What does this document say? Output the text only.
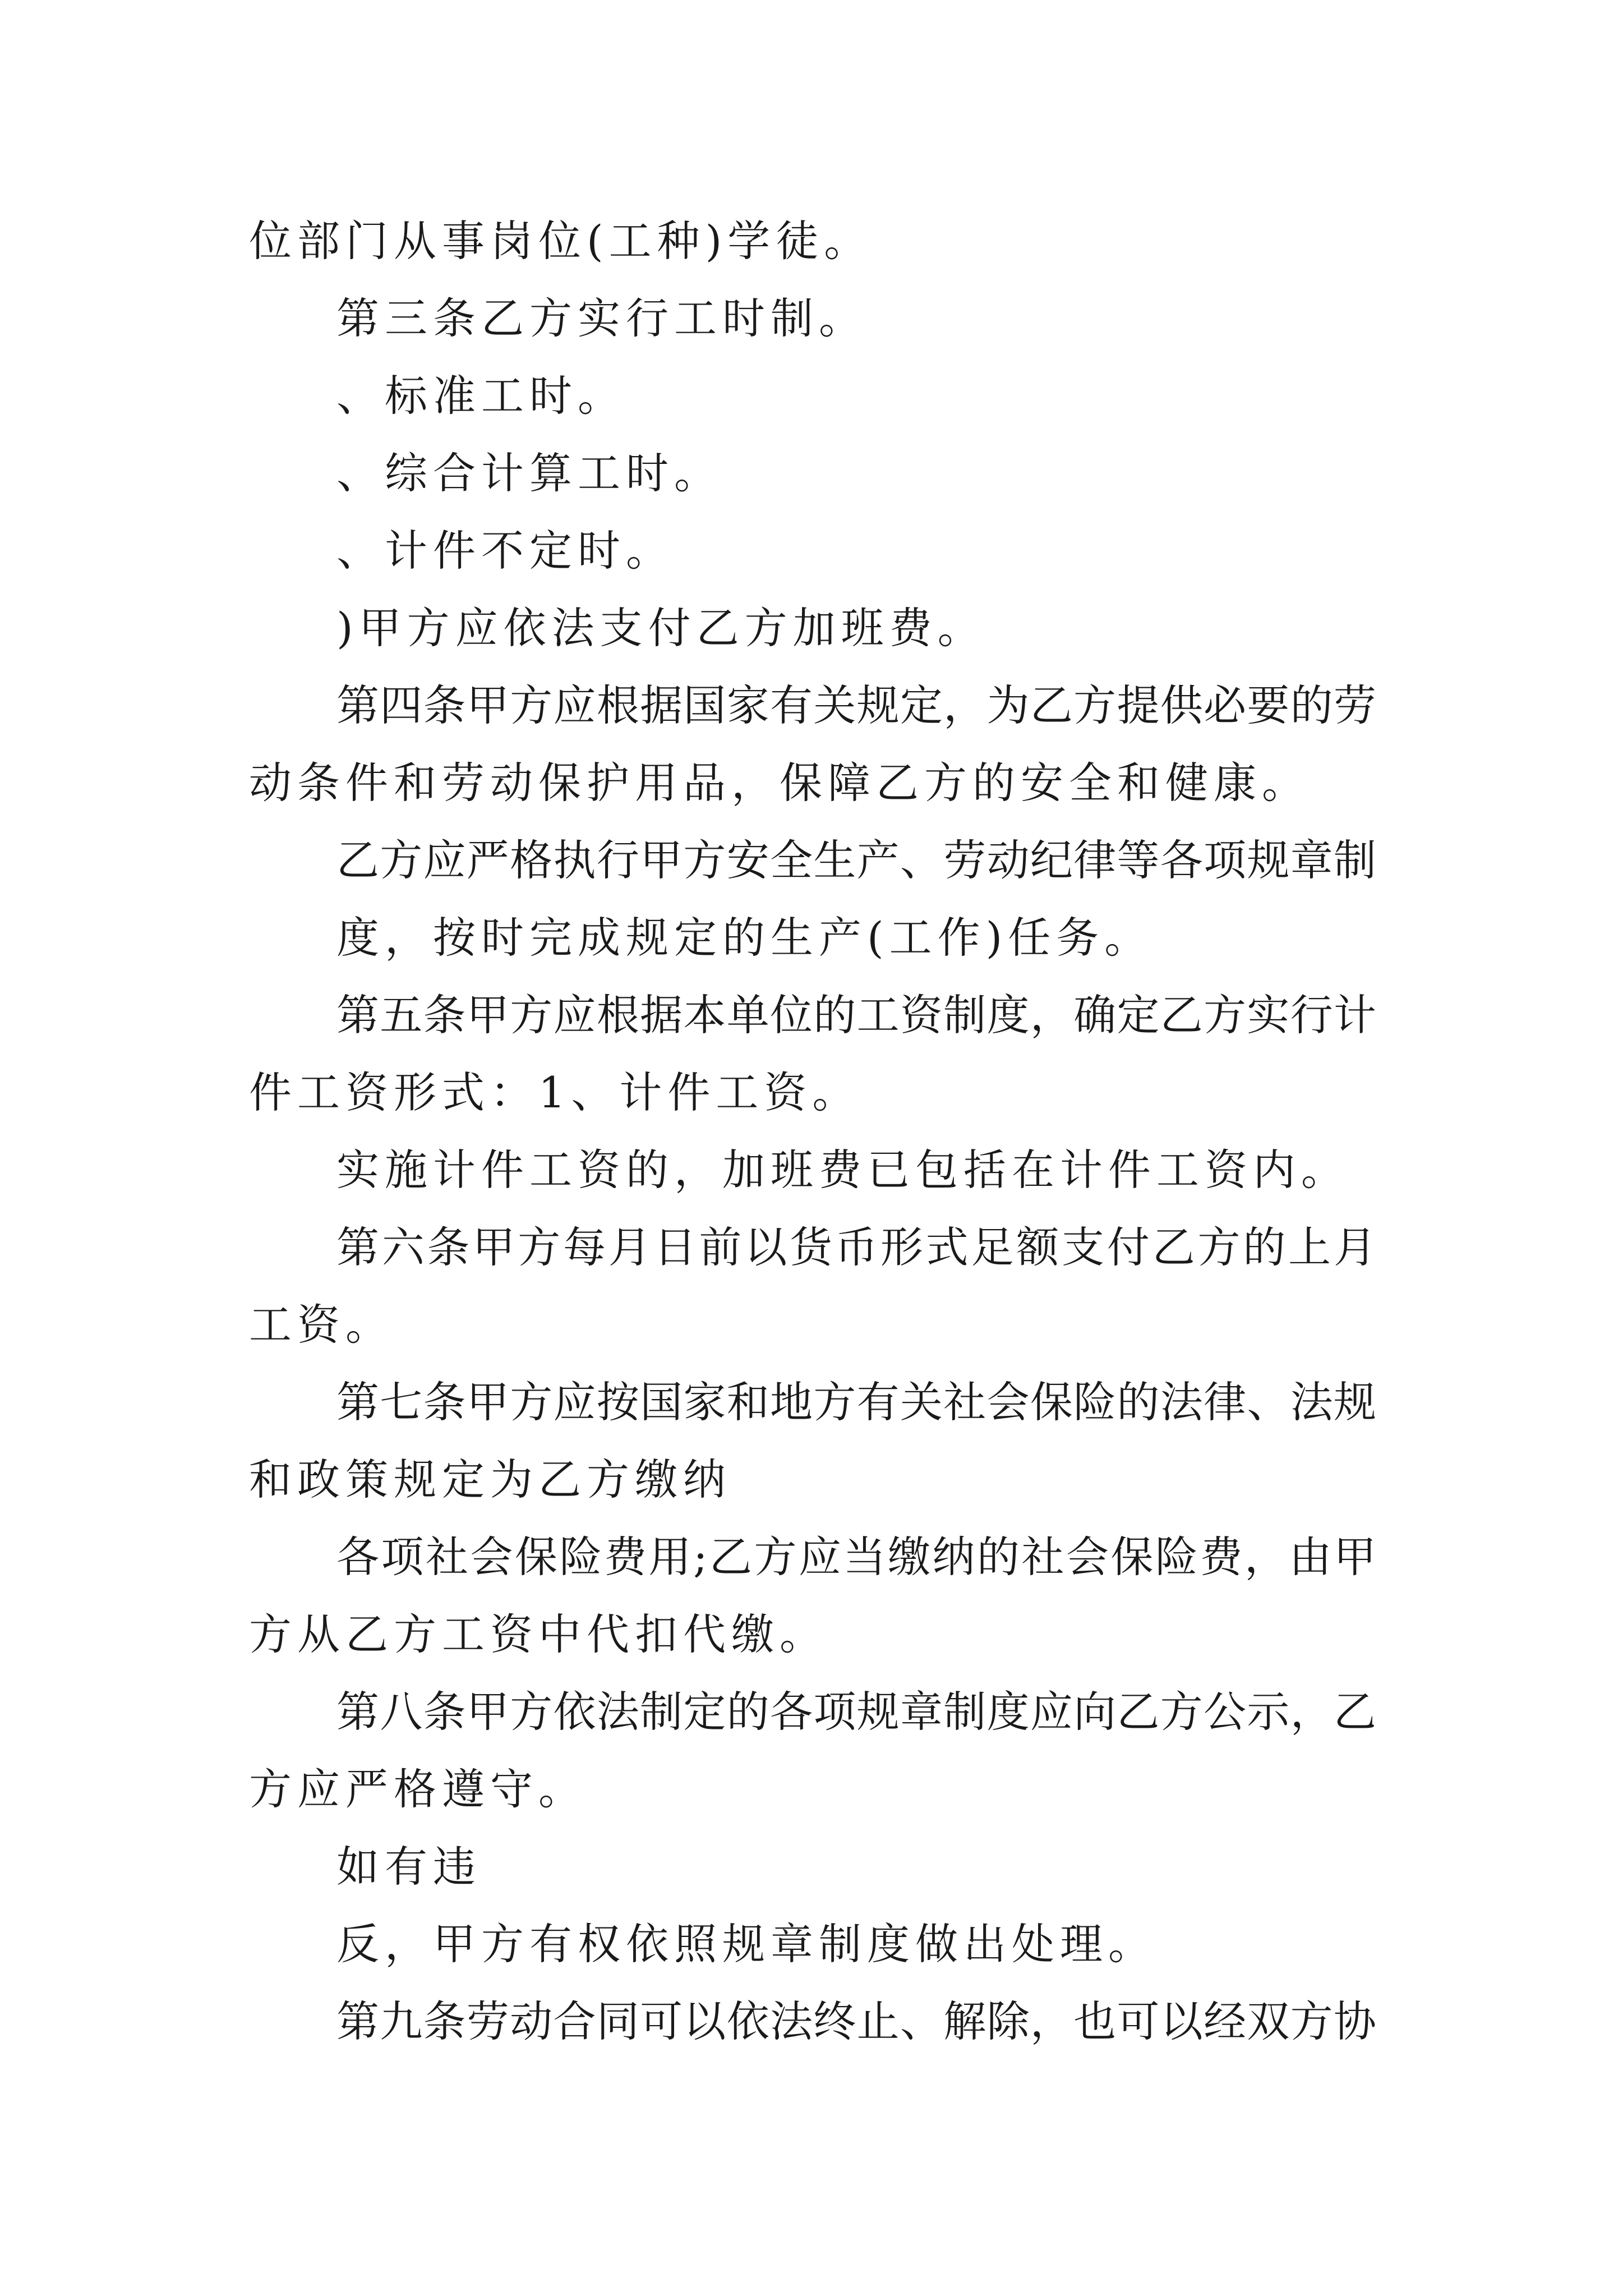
位部门从事岗位(工种)学徒。
第三条乙方实行工时制。
、标准工时。
、综合计算工时。
、计件不定时。
)甲方应依法支付乙方加班费。
第四条甲方应根据国家有关规定，为乙方提供必要的劳
动条件和劳动保护用品，保障乙方的安全和健康。
乙方应严格执行甲方安全生产、劳动纪律等各项规章制
度，按时完成规定的生产(工作)任务。
第五条甲方应根据本单位的工资制度，确定乙方实行计
件工资形式：1、计件工资。
实施计件工资的，加班费已包括在计件工资内。
第六条甲方每月日前以货币形式足额支付乙方的上月
工资。
第七条甲方应按国家和地方有关社会保险的法律、法规
和政策规定为乙方缴纳
各项社会保险费用;乙方应当缴纳的社会保险费，由甲
方从乙方工资中代扣代缴。
第八条甲方依法制定的各项规章制度应向乙方公示，乙
方应严格遵守。
如有违
反，甲方有权依照规章制度做出处理。
第九条劳动合同可以依法终止、解除，也可以经双方协
